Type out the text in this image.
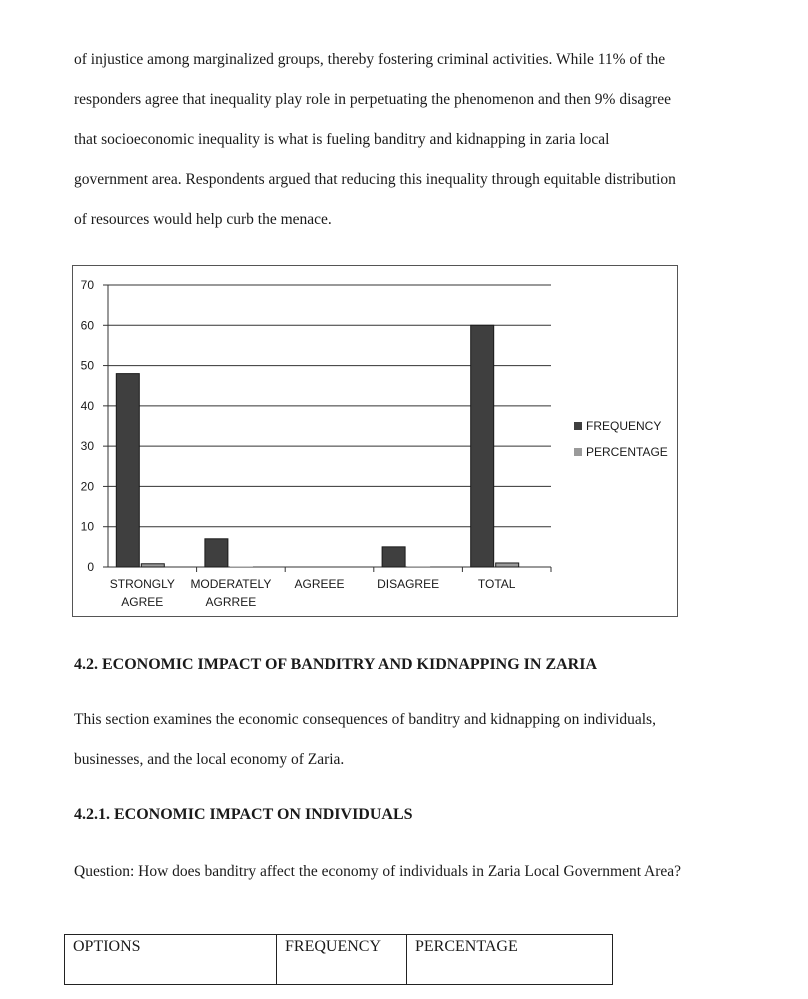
of injustice among marginalized groups, thereby fostering criminal activities. While 11% of the
responders agree that inequality play role in perpetuating the phenomenon and then 9% disagree
that socioeconomic inequality is what is fueling banditry and kidnapping in zaria local
government area. Respondents argued that reducing this inequality through equitable distribution
of resources would help curb the menace.

0
10
20
30
40
50
60
70
STRONGLY
AGREE
MODERATELY
AGRREE
AGREEE	DISAGREE	TOTAL
FREQUENCY
PERCENTAGE
4.2. ECONOMIC IMPACT OF BANDITRY AND KIDNAPPING IN ZARIA

This section examines the economic consequences of banditry and kidnapping on individuals,
businesses, and the local economy of Zaria.

4.2.1. ECONOMIC IMPACT ON INDIVIDUALS

Question: How does banditry affect the economy of individuals in Zaria Local Government Area?

OPTIONS	FREQUENCY	PERCENTAGE
